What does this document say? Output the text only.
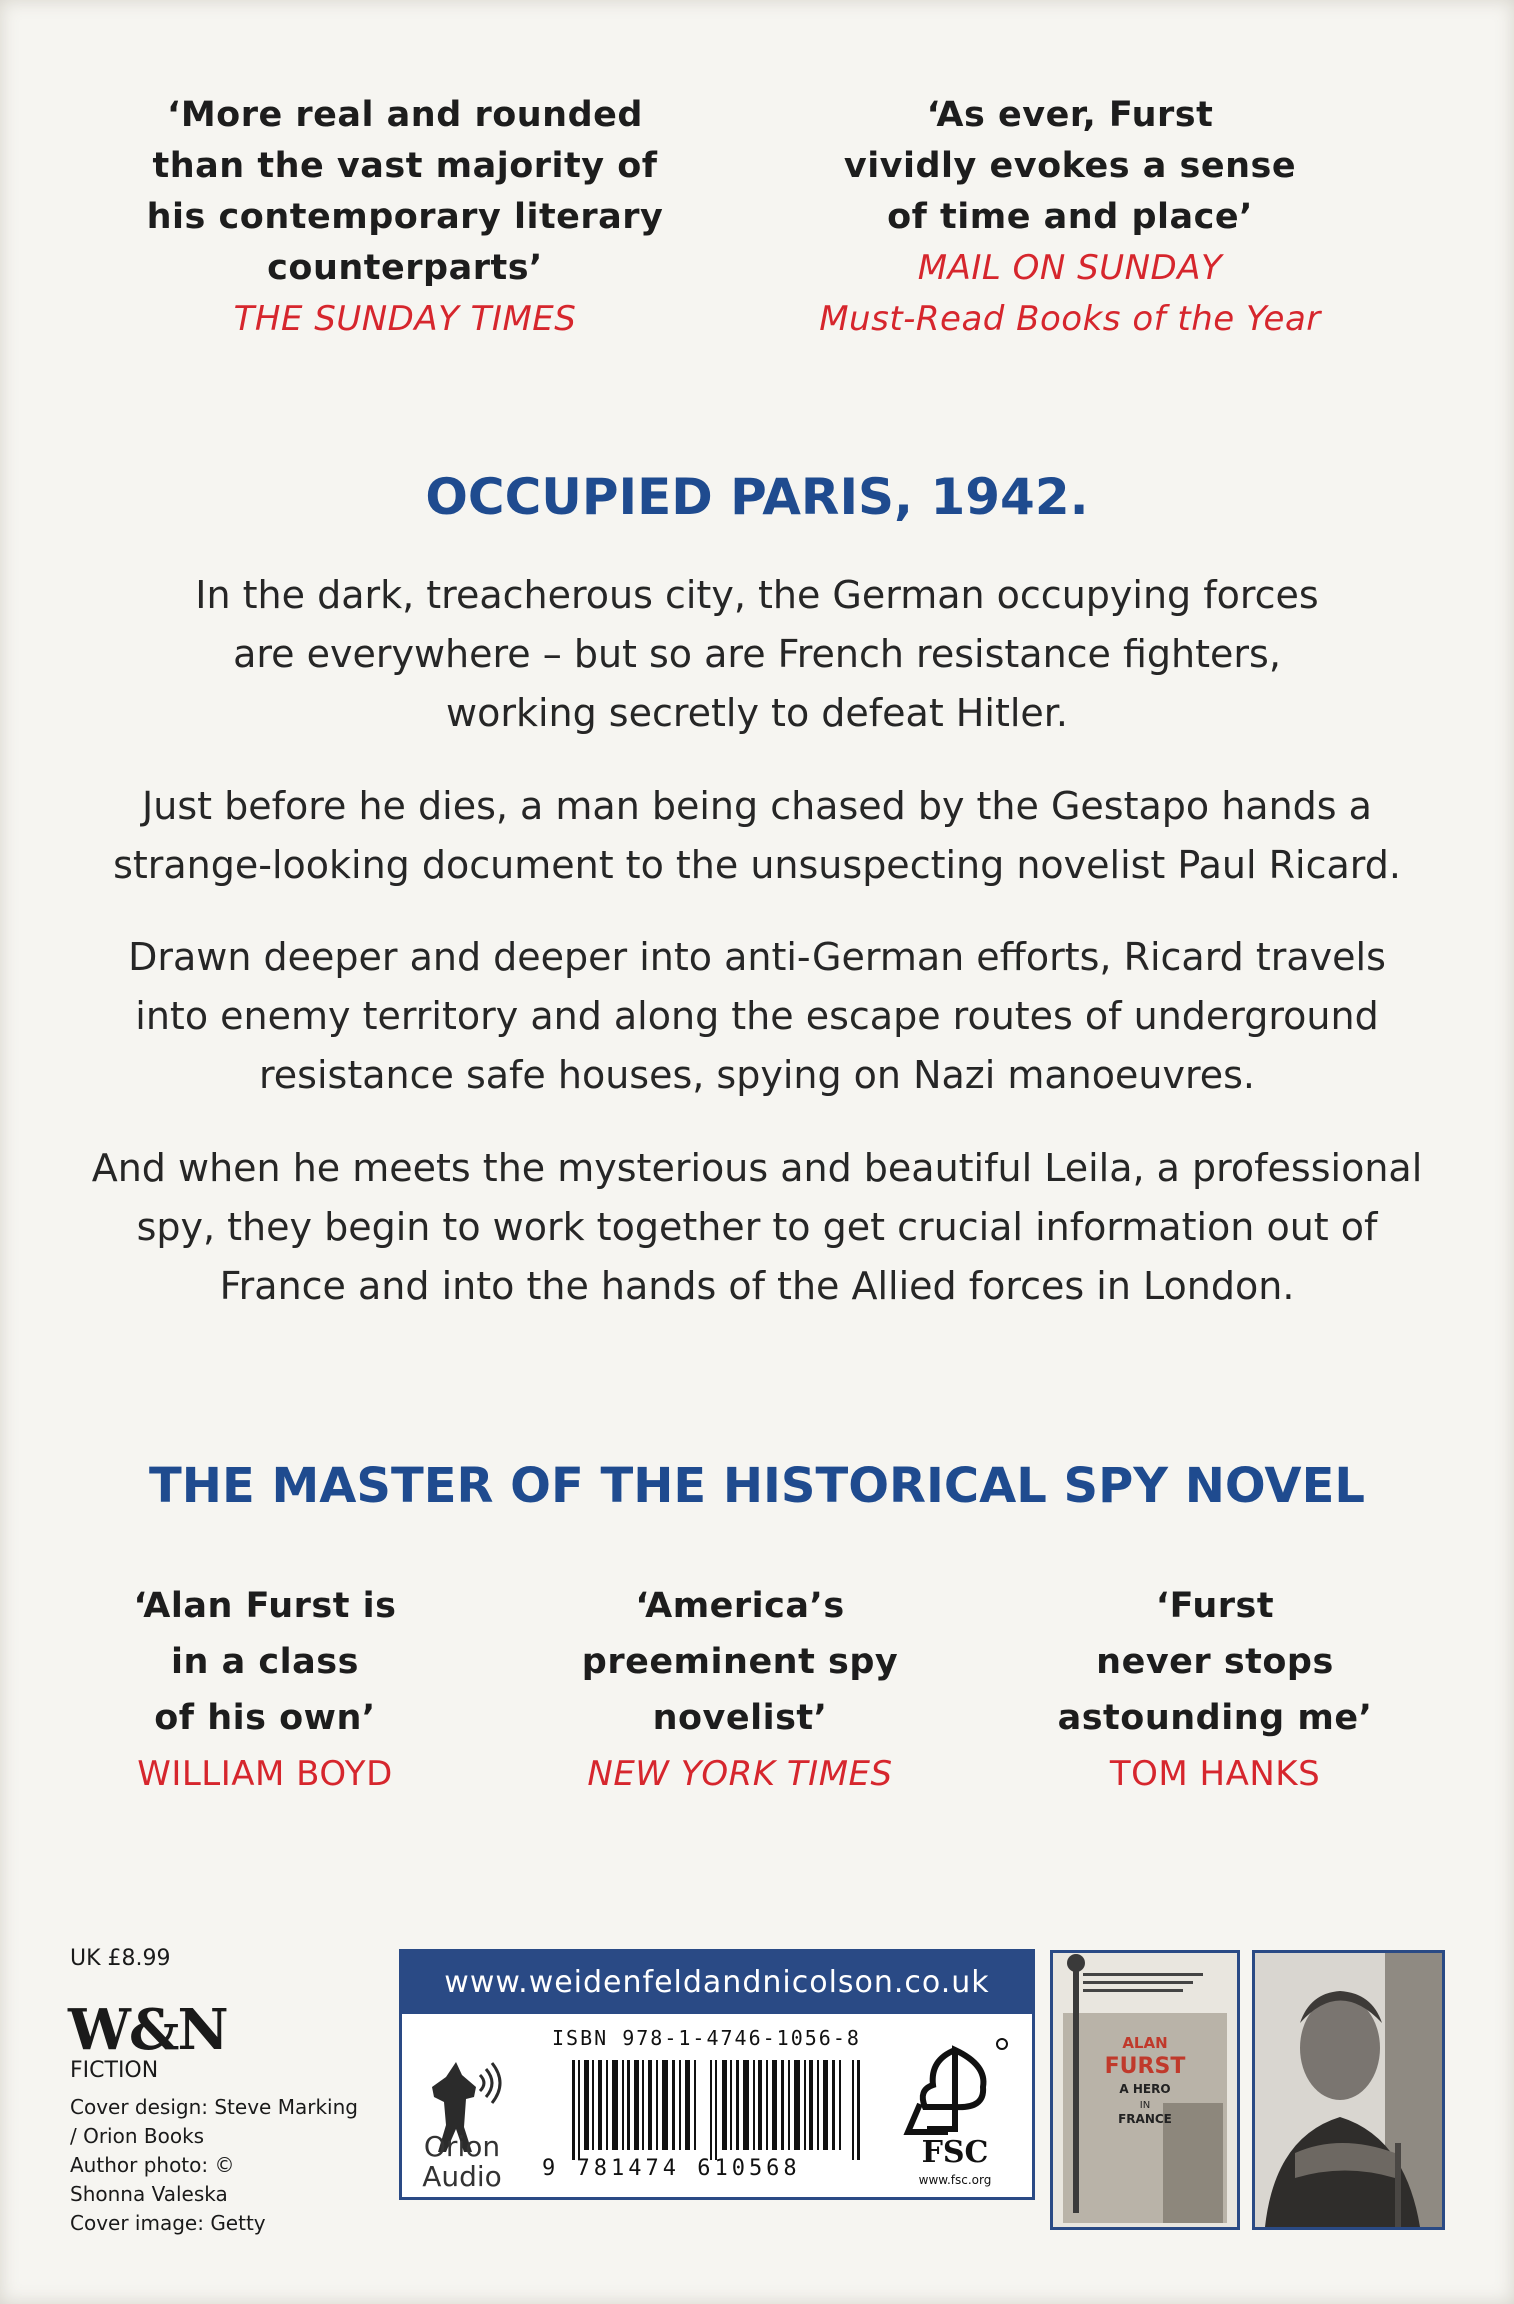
‘More real and rounded
than the vast majority of
his contemporary literary
counterparts’
THE SUNDAY TIMES
‘As ever, Furst
vividly evokes a sense
of time and place’
MAIL ON SUNDAY
Must-Read Books of the Year
OCCUPIED PARIS, 1942.
In the dark, treacherous city, the German occupying forces
are everywhere – but so are French resistance fighters,
working secretly to defeat Hitler.
Just before he dies, a man being chased by the Gestapo hands a
strange-looking document to the unsuspecting novelist Paul Ricard.
Drawn deeper and deeper into anti-German efforts, Ricard travels
into enemy territory and along the escape routes of underground
resistance safe houses, spying on Nazi manoeuvres.
And when he meets the mysterious and beautiful Leila, a professional
spy, they begin to work together to get crucial information out of
France and into the hands of the Allied forces in London.
THE MASTER OF THE HISTORICAL SPY NOVEL
‘Alan Furst is
in a class
of his own’
WILLIAM BOYD
‘America’s
preeminent spy
novelist’
NEW YORK TIMES
‘Furst
never stops
astounding me’
TOM HANKS
UK £8.99
W&N
FICTION
Cover design: Steve Marking
/ Orion Books
Author photo: ©
Shonna Valeska
Cover image: Getty
www.weidenfeldandnicolson.co.uk
Orion
Audio
ISBN 978-1-4746-1056-8
9 781474 610568	FSC
www.fsc.org
ALAN
FURST
A HERO
IN
FRANCE
